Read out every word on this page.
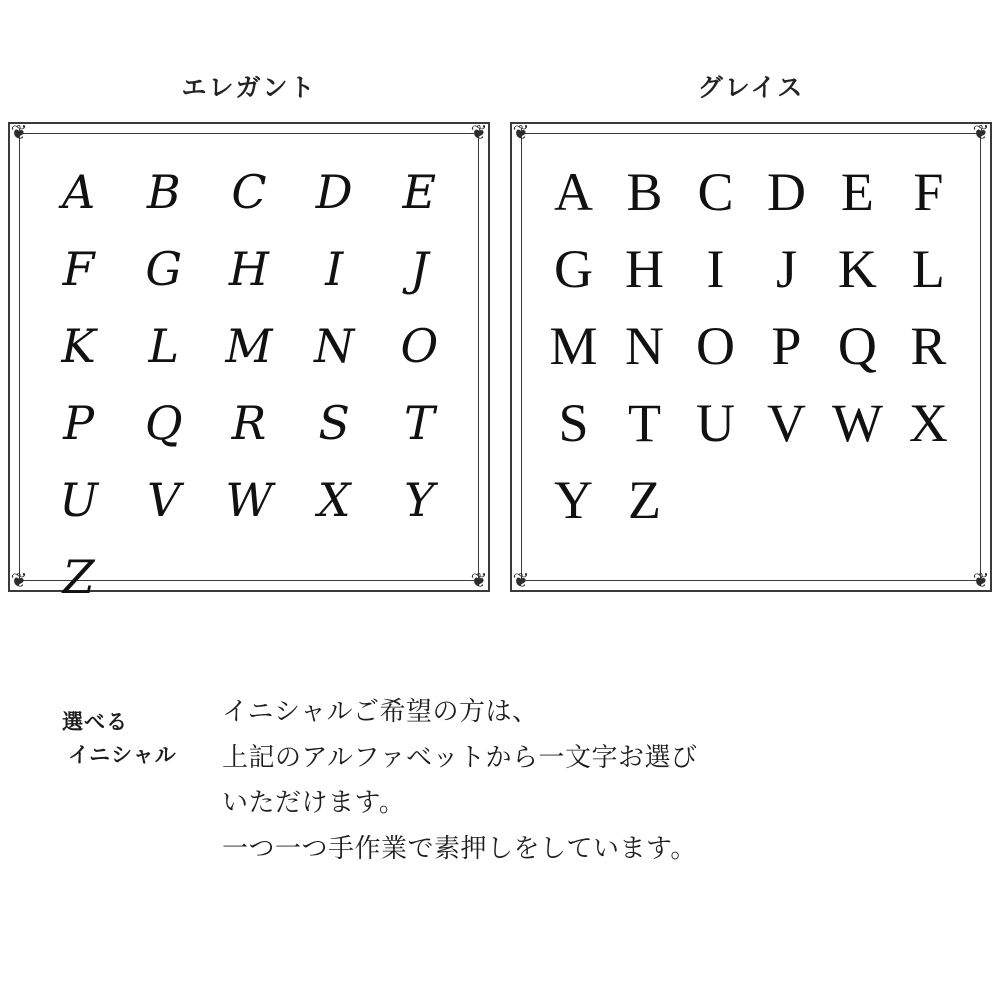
エレガント
❦	❦
❦	❦
A	B	C	D	E
F	G	H	I	J
K	L	M N	O
P	Q	R	S	T
U	V W X	Y
Z
グレイス
❦	❦
❦	❦
A B C D E F
G H I J K L
M N O P Q R
S T U V W X
Y Z
選べる
イニシャル

イニシャルご希望の方は、

上記のアルファベットから一文字お選び

いただけます。

一つ一つ手作業で素押しをしています。
